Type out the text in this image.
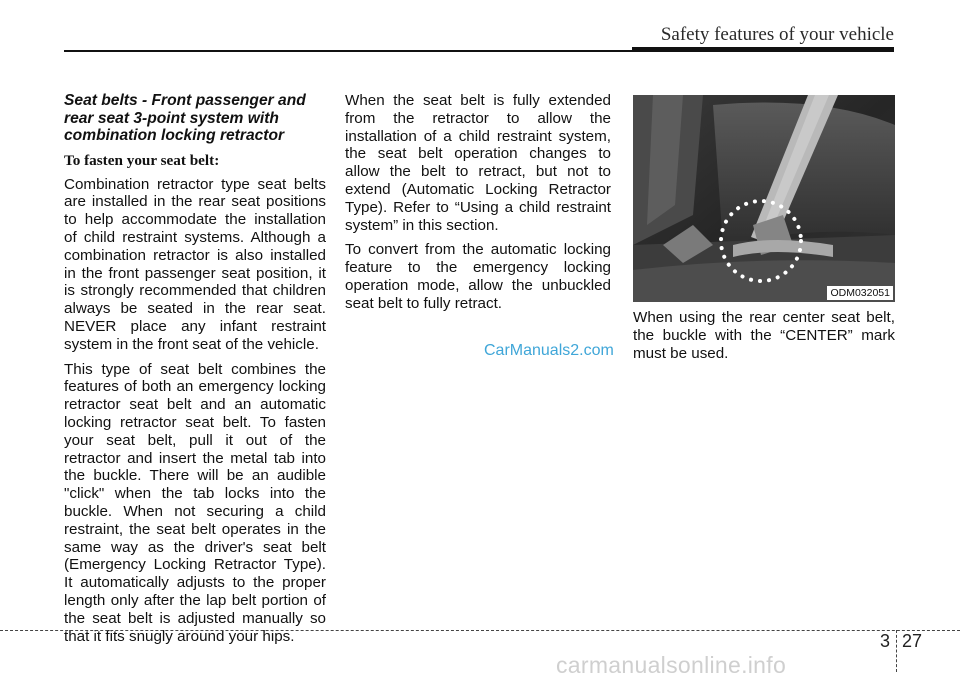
Safety features of your vehicle
Seat belts - Front passenger and rear seat 3-point system with combination locking retractor
To fasten your seat belt:

Combination retractor type seat belts are installed in the rear seat positions to help accommodate the installation of child restraint systems. Although a combination retractor is also installed in the front passenger seat position, it is strongly recommended that children always be seated in the rear seat. NEVER place any infant restraint system in the front seat of the vehicle.

This type of seat belt combines the features of both an emergency locking retractor seat belt and an automatic locking retractor seat belt. To fasten your seat belt, pull it out of the retractor and insert the metal tab into the buckle. There will be an audible "click" when the tab locks into the buckle. When not securing a child restraint, the seat belt operates in the same way as the driver's seat belt (Emergency Locking Retractor Type). It automatically adjusts to the proper length only after the lap belt portion of the seat belt is adjusted manually so that it fits snugly around your hips.

When the seat belt is fully extended from the retractor to allow the installation of a child restraint system, the seat belt operation changes to allow the belt to retract, but not to extend (Automatic Locking Retractor Type). Refer to “Using a child restraint system” in this section.

To convert from the automatic locking feature to the emergency locking operation mode, allow the unbuckled seat belt to fully retract.

ODM032051

When using the rear center seat belt, the buckle with the “CENTER” mark must be used.

CarManuals2.com
3 27
carmanualsonline.info
